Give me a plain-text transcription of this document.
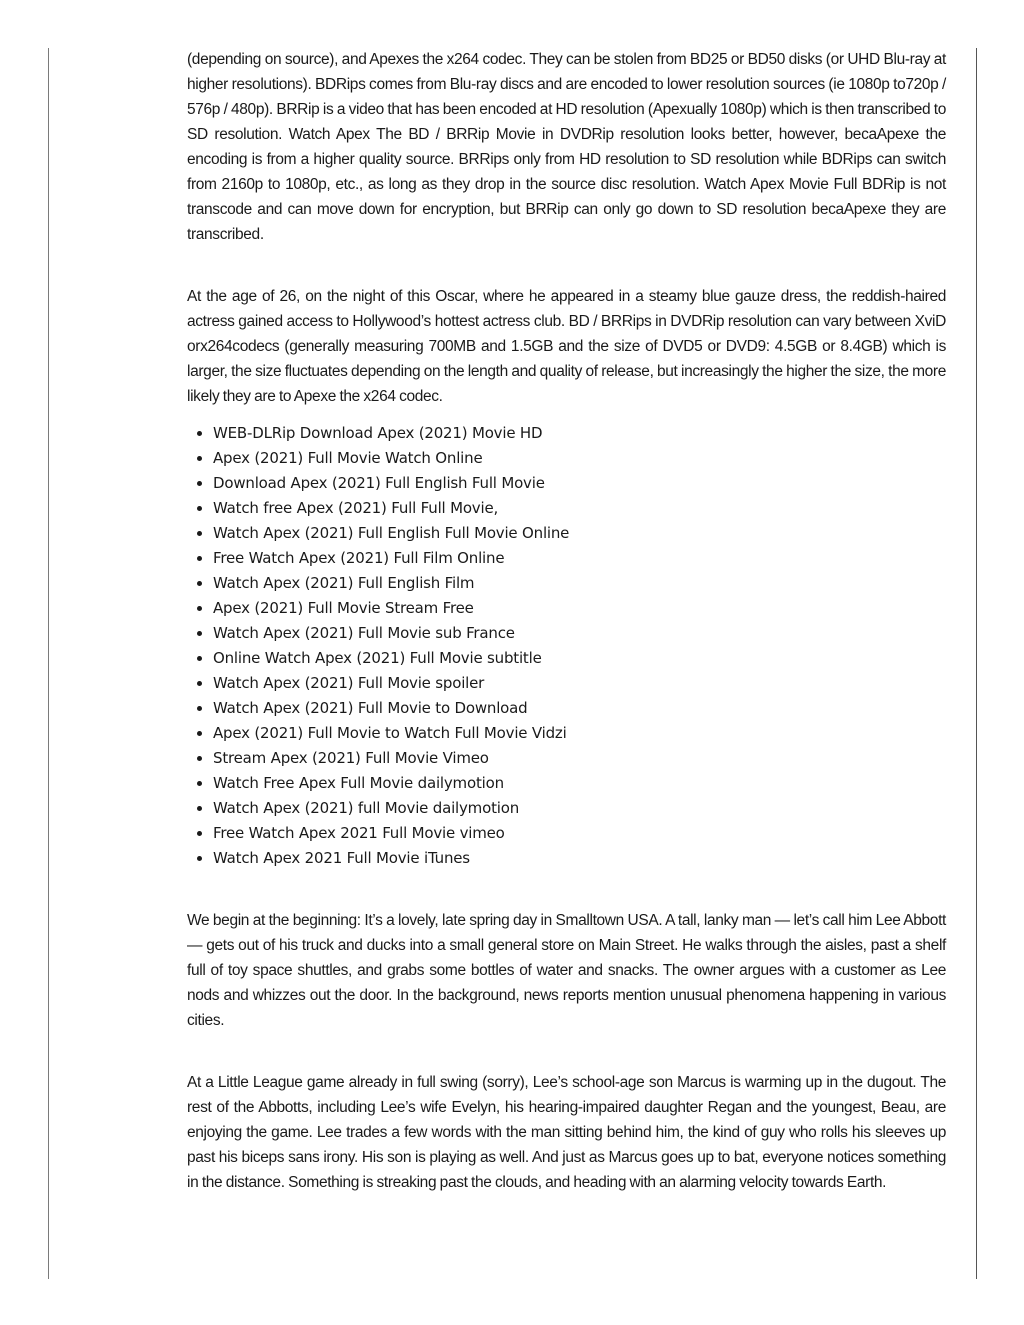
(depending on source), and Apexes the x264 codec. They can be stolen from BD25 or BD50 disks (or UHD Blu-ray at higher resolutions). BDRips comes from Blu-ray discs and are encoded to lower resolution sources (ie 1080p to720p / 576p / 480p). BRRip is a video that has been encoded at HD resolution (Apexually 1080p) which is then transcribed to SD resolution. Watch Apex The BD / BRRip Movie in DVDRip resolution looks better, however, becaApexe the encoding is from a higher quality source. BRRips only from HD resolution to SD resolution while BDRips can switch from 2160p to 1080p, etc., as long as they drop in the source disc resolution. Watch Apex Movie Full BDRip is not transcode and can move down for encryption, but BRRip can only go down to SD resolution becaApexe they are transcribed.

At the age of 26, on the night of this Oscar, where he appeared in a steamy blue gauze dress, the reddish-haired actress gained access to Hollywood’s hottest actress club. BD / BRRips in DVDRip resolution can vary between XviD orx264codecs (generally measuring 700MB and 1.5GB and the size of DVD5 or DVD9: 4.5GB or 8.4GB) which is larger, the size fluctuates depending on the length and quality of release, but increasingly the higher the size, the more likely they are to Apexe the x264 codec.

• WEB-DLRip Download Apex (2021) Movie HD
• Apex (2021) Full Movie Watch Online
• Download Apex (2021) Full English Full Movie
• Watch free Apex (2021) Full Full Movie,
• Watch Apex (2021) Full English Full Movie Online
• Free Watch Apex (2021) Full Film Online
• Watch Apex (2021) Full English Film
• Apex (2021) Full Movie Stream Free
• Watch Apex (2021) Full Movie sub France
• Online Watch Apex (2021) Full Movie subtitle
• Watch Apex (2021) Full Movie spoiler
• Watch Apex (2021) Full Movie to Download
• Apex (2021) Full Movie to Watch Full Movie Vidzi
• Stream Apex (2021) Full Movie Vimeo
• Watch Free Apex Full Movie dailymotion
• Watch Apex (2021) full Movie dailymotion
• Free Watch Apex 2021 Full Movie vimeo
• Watch Apex 2021 Full Movie iTunes

We begin at the beginning: It’s a lovely, late spring day in Smalltown USA. A tall, lanky man — let’s call him Lee Abbott — gets out of his truck and ducks into a small general store on Main Street. He walks through the aisles, past a shelf full of toy space shuttles, and grabs some bottles of water and snacks. The owner argues with a customer as Lee nods and whizzes out the door. In the background, news reports mention unusual phenomena happening in various cities.

At a Little League game already in full swing (sorry), Lee’s school-age son Marcus is warming up in the dugout. The rest of the Abbotts, including Lee’s wife Evelyn, his hearing-impaired daughter Regan and the youngest, Beau, are enjoying the game. Lee trades a few words with the man sitting behind him, the kind of guy who rolls his sleeves up past his biceps sans irony. His son is playing as well. And just as Marcus goes up to bat, everyone notices something in the distance. Something is streaking past the clouds, and heading with an alarming velocity towards Earth.
